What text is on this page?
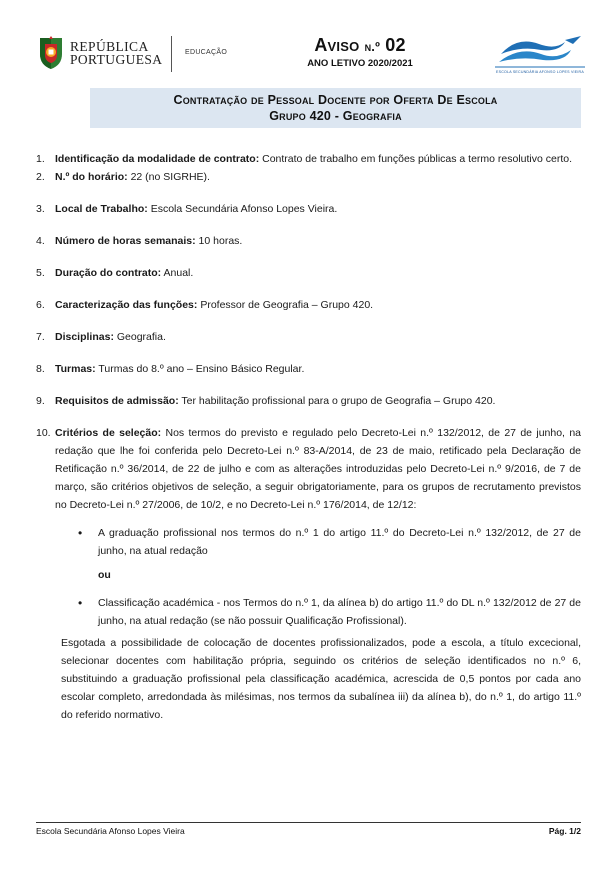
REPÚBLICA
PORTUGUESA	EDUCAÇÃO	Aviso n.º 02
ANO LETIVO 2020/2021
ESCOLA SECUNDÁRIA AFONSO LOPES VIEIRA
Contratação de Pessoal Docente por Oferta De Escola
Grupo 420 - Geografia
1. Identificação da modalidade de contrato: Contrato de trabalho em funções públicas a termo resolutivo certo.
2. N.º do horário: 22 (no SIGRHE).
3. Local de Trabalho: Escola Secundária Afonso Lopes Vieira.
4. Número de horas semanais: 10 horas.
5. Duração do contrato: Anual.
6. Caracterização das funções: Professor de Geografia – Grupo 420.
7. Disciplinas: Geografia.
8. Turmas: Turmas do 8.º ano – Ensino Básico Regular.
9. Requisitos de admissão: Ter habilitação profissional para o grupo de Geografia – Grupo 420.
10. Critérios de seleção: Nos termos do previsto e regulado pelo Decreto-Lei n.º 132/2012, de 27 de junho, na redação que lhe foi conferida pelo Decreto-Lei n.º 83-A/2014, de 23 de maio, retificado pela Declaração de Retificação n.º 36/2014, de 22 de julho e com as alterações introduzidas pelo Decreto-Lei n.º 9/2016, de 7 de março, são critérios objetivos de seleção, a seguir obrigatoriamente, para os grupos de recrutamento previstos no Decreto-Lei n.º 27/2006, de 10/2, e no Decreto-Lei n.º 176/2014, de 12/12:
• A graduação profissional nos termos do n.º 1 do artigo 11.º do Decreto-Lei n.º 132/2012, de 27 de junho, na atual redação
ou
• Classificação académica - nos Termos do n.º 1, da alínea b) do artigo 11.º do DL n.º 132/2012 de 27 de junho, na atual redação (se não possuir Qualificação Profissional).
Esgotada a possibilidade de colocação de docentes profissionalizados, pode a escola, a título excecional, selecionar docentes com habilitação própria, seguindo os critérios de seleção identificados no n.º 6, substituindo a graduação profissional pela classificação académica, acrescida de 0,5 pontos por cada ano escolar completo, arredondada às milésimas, nos termos da subalínea iii) da alínea b), do n.º 1, do artigo 11.º do referido normativo.
Escola Secundária Afonso Lopes Vieira	Pág. 1/2
